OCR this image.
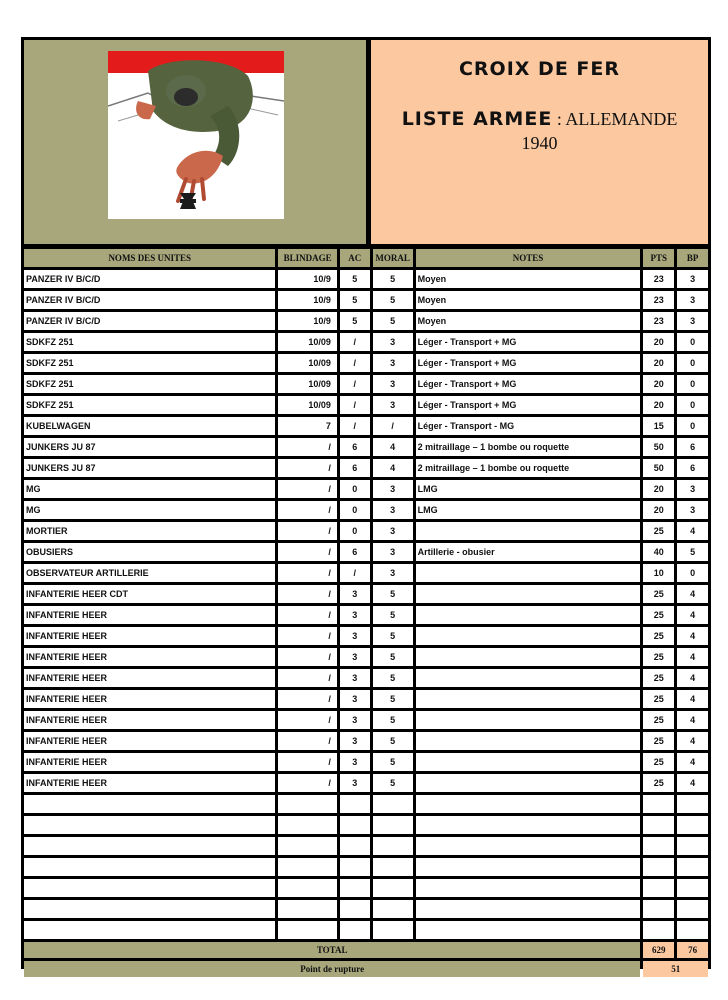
CROIX DE FER
LISTE ARMEE : ALLEMANDE
1940
NOMS DES UNITES	BLINDAGE	AC	MORAL	NOTES	PTS	BP
PANZER IV B/C/D	10/9	5	5	Moyen	23	3
PANZER IV B/C/D	10/9	5	5	Moyen	23	3
PANZER IV B/C/D	10/9	5	5	Moyen	23	3
SDKFZ 251	10/09	/	3	Léger - Transport + MG	20	0
SDKFZ 251	10/09	/	3	Léger - Transport + MG	20	0
SDKFZ 251	10/09	/	3	Léger - Transport + MG	20	0
SDKFZ 251	10/09	/	3	Léger - Transport + MG	20	0
KUBELWAGEN	7	/	/	Léger - Transport - MG	15	0
JUNKERS JU 87	/	6	4	2 mitraillage – 1 bombe ou roquette	50	6
JUNKERS JU 87	/	6	4	2 mitraillage – 1 bombe ou roquette	50	6
MG	/	0	3	LMG	20	3
MG	/	0	3	LMG	20	3
MORTIER	/	0	3		25	4
OBUSIERS	/	6	3	Artillerie - obusier	40	5
OBSERVATEUR ARTILLERIE	/	/	3		10	0
INFANTERIE HEER CDT	/	3	5		25	4
INFANTERIE HEER	/	3	5		25	4
INFANTERIE HEER	/	3	5		25	4
INFANTERIE HEER	/	3	5		25	4
INFANTERIE HEER	/	3	5		25	4
INFANTERIE HEER	/	3	5		25	4
INFANTERIE HEER	/	3	5		25	4
INFANTERIE HEER	/	3	5		25	4
INFANTERIE HEER	/	3	5		25	4
INFANTERIE HEER	/	3	5		25	4

TOTAL					629	76
Point de rupture					51	
